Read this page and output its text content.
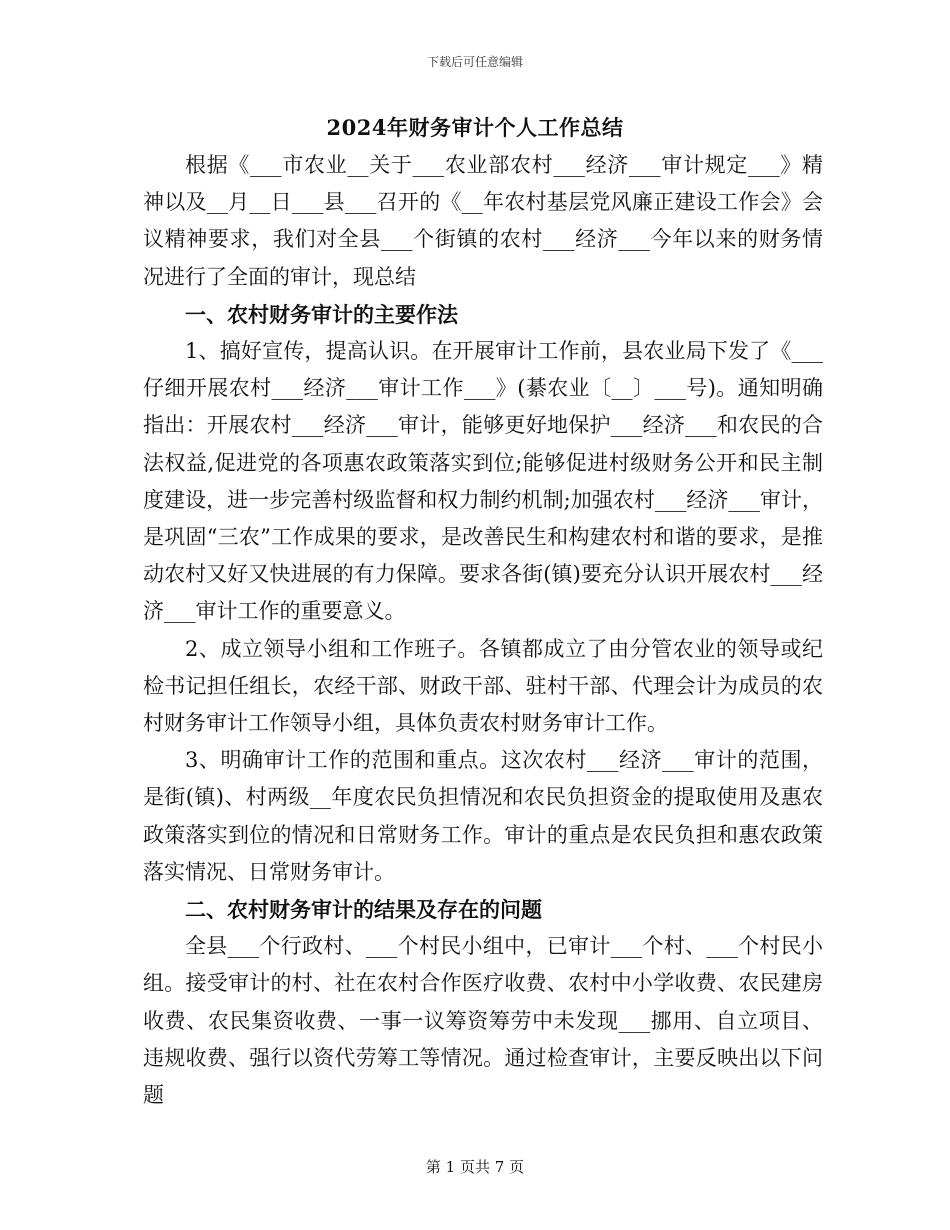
下载后可任意编辑
2024年财务审计个人工作总结

根据《___市农业__关于___农业部农村___经济___审计规定___》精神以及__月__日___县___召开的《__年农村基层党风廉正建设工作会》会议精神要求，我们对全县___个街镇的农村___经济___今年以来的财务情况进行了全面的审计，现总结

一、农村财务审计的主要作法

1、搞好宣传，提高认识。在开展审计工作前，县农业局下发了《___仔细开展农村___经济___审计工作___》(綦农业〔__〕___号)。通知明确指出：开展农村___经济___审计，能够更好地保护___经济___和农民的合法权益,促进党的各项惠农政策落实到位;能够促进村级财务公开和民主制度建设，进一步完善村级监督和权力制约机制;加强农村___经济___审计，是巩固“三农”工作成果的要求，是改善民生和构建农村和谐的要求，是推动农村又好又快进展的有力保障。要求各街(镇)要充分认识开展农村___经济___审计工作的重要意义。

2、成立领导小组和工作班子。各镇都成立了由分管农业的领导或纪检书记担任组长，农经干部、财政干部、驻村干部、代理会计为成员的农村财务审计工作领导小组，具体负责农村财务审计工作。

3、明确审计工作的范围和重点。这次农村___经济___审计的范围，是街(镇)、村两级__年度农民负担情况和农民负担资金的提取使用及惠农政策落实到位的情况和日常财务工作。审计的重点是农民负担和惠农政策落实情况、日常财务审计。

二、农村财务审计的结果及存在的问题

全县___个行政村、___个村民小组中，已审计___个村、___个村民小组。接受审计的村、社在农村合作医疗收费、农村中小学收费、农民建房收费、农民集资收费、一事一议筹资筹劳中未发现___挪用、自立项目、违规收费、强行以资代劳筹工等情况。通过检查审计，主要反映出以下问题

第 1 页共 7 页
